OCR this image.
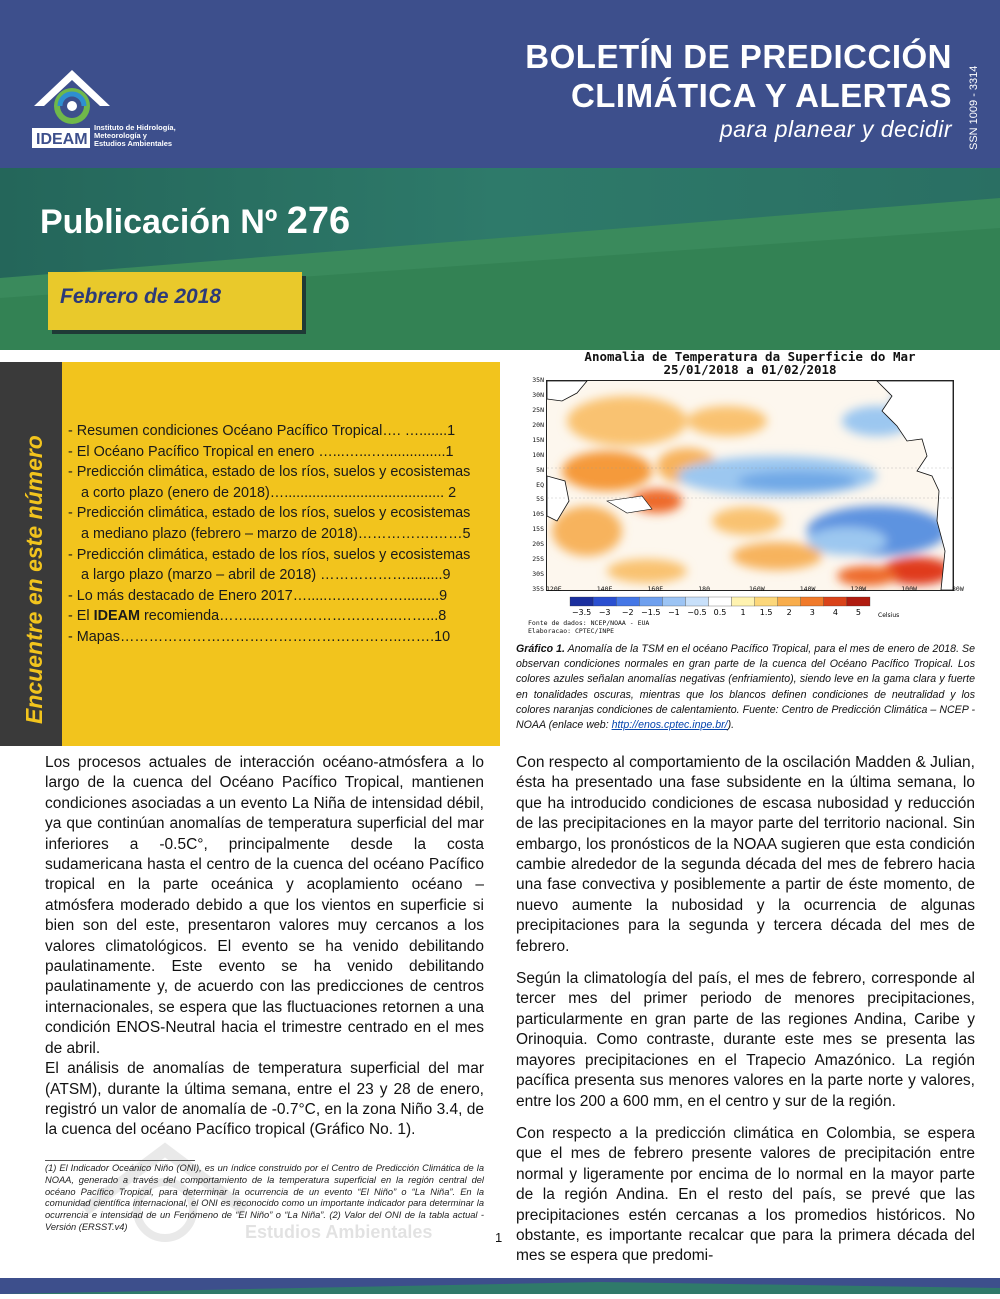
IDEAM
Instituto de Hidrología,
Meteorología y
Estudios Ambientales
BOLETÍN DE PREDICCIÓN
CLIMÁTICA Y ALERTAS
para planear y decidir SSN 1009 - 3314
Publicación Nº 276
Febrero de 2018
Encuentre en este número
- Resumen condiciones Océano Pacífico Tropical…. ….......1
- El Océano Pacífico Tropical en enero …...…...…...............1
- Predicción climática, estado de los ríos, suelos y ecosistemas
a corto plazo (enero de 2018)…........................................ 2
- Predicción climática, estado de los ríos, suelos y ecosistemas
a mediano plazo (febrero – marzo de 2018)…………….……5
- Predicción climática, estado de los ríos, suelos y ecosistemas
a largo plazo (marzo – abril de 2018) ……………….........9
- Lo más destacado de Enero 2017….....….………….........9
- El IDEAM recomienda……...………………………..……...8
- Mapas…………………………………………………..…….10
Anomalia de Temperatura da Superficie do Mar
25/01/2018 a 01/02/2018
35N
30N
25N
20N
15N
10N
5N
EQ
5S
10S
15S
20S
25S
30S
35S 120E	140E	160E	180	160W	140W	120W	100W	80W
−3.5 −3 −2 −1.5 −1 −0.5 0.5 1 1.5 2 3 4 5	Celsius
Fonte de dados: NCEP/NOAA - EUA
Elaboracao: CPTEC/INPE
Gráfico 1. Anomalía de la TSM en el océano Pacífico Tropical, para el mes de enero de 2018. Se observan condiciones normales en gran parte de la cuenca del Océano Pacífico Tropical. Los colores azules señalan anomalías negativas (enfriamiento), siendo leve en la gama clara y fuerte en tonalidades oscuras, mientras que los blancos definen condiciones de neutralidad y los colores naranjas condiciones de calentamiento. Fuente: Centro de Predicción Climática – NCEP - NOAA (enlace web: http://enos.cptec.inpe.br/).
Estudios Ambientales

Los procesos actuales de interacción océano-atmósfera a lo largo de la cuenca del Océano Pacífico Tropical, mantienen condiciones asociadas a un evento La Niña de intensidad débil, ya que continúan anomalías de temperatura superficial del mar inferiores a -0.5C°, principalmente desde la costa sudamericana hasta el centro de la cuenca del océano Pacífico tropical en la parte oceánica y acoplamiento océano – atmósfera moderado debido a que los vientos en superficie si bien son del este, presentaron valores muy cercanos a los valores climatológicos. El evento se ha venido debilitando paulatinamente. Este evento se ha venido debilitando paulatinamente y, de acuerdo con las predicciones de centros internacionales, se espera que las fluctuaciones retornen a una condición ENOS-Neutral hacia el trimestre centrado en el mes de abril.

El análisis de anomalías de temperatura superficial del mar (ATSM), durante la última semana, entre el 23 y 28 de enero, registró un valor de anomalía de -0.7°C, en la zona Niño 3.4, de la cuenca del océano Pacífico tropical (Gráfico No. 1).

(1) El Indicador Oceánico Niño (ONI), es un índice construido por el Centro de Predicción Climática de la NOAA, generado a través del comportamiento de la temperatura superficial en la región central del océano Pacífico Tropical, para determinar la ocurrencia de un evento “El Niño” o “La Niña”. En la comunidad científica internacional, el ONI es reconocido como un importante indicador para determinar la ocurrencia e intensidad de un Fenómeno de “El Niño” o “La Niña”. (2) Valor del ONI de la tabla actual - Versión (ERSST.v4)

Con respecto al comportamiento de la oscilación Madden & Julian, ésta ha presentado una fase subsidente en la última semana, lo que ha introducido condiciones de escasa nubosidad y reducción de las precipitaciones en la mayor parte del territorio nacional. Sin embargo, los pronósticos de la NOAA sugieren que esta condición cambie alrededor de la segunda década del mes de febrero hacia una fase convectiva y posiblemente a partir de éste momento, de nuevo aumente la nubosidad y la ocurrencia de algunas precipitaciones para la segunda y tercera década del mes de febrero.

Según la climatología del país, el mes de febrero, corresponde al tercer mes del primer periodo de menores precipitaciones, particularmente en gran parte de las regiones Andina, Caribe y Orinoquia. Como contraste, durante este mes se presenta las mayores precipitaciones en el Trapecio Amazónico. La región pacífica presenta sus menores valores en la parte norte y valores, entre los 200 a 600 mm, en el centro y sur de la región.

Con respecto a la predicción climática en Colombia, se espera que el mes de febrero presente valores de precipitación entre normal y ligeramente por encima de lo normal en la mayor parte de la región Andina. En el resto del país, se prevé que las precipitaciones estén cercanas a los promedios históricos. No obstante, es importante recalcar que para la primera década del mes se espera que predomi-

1
